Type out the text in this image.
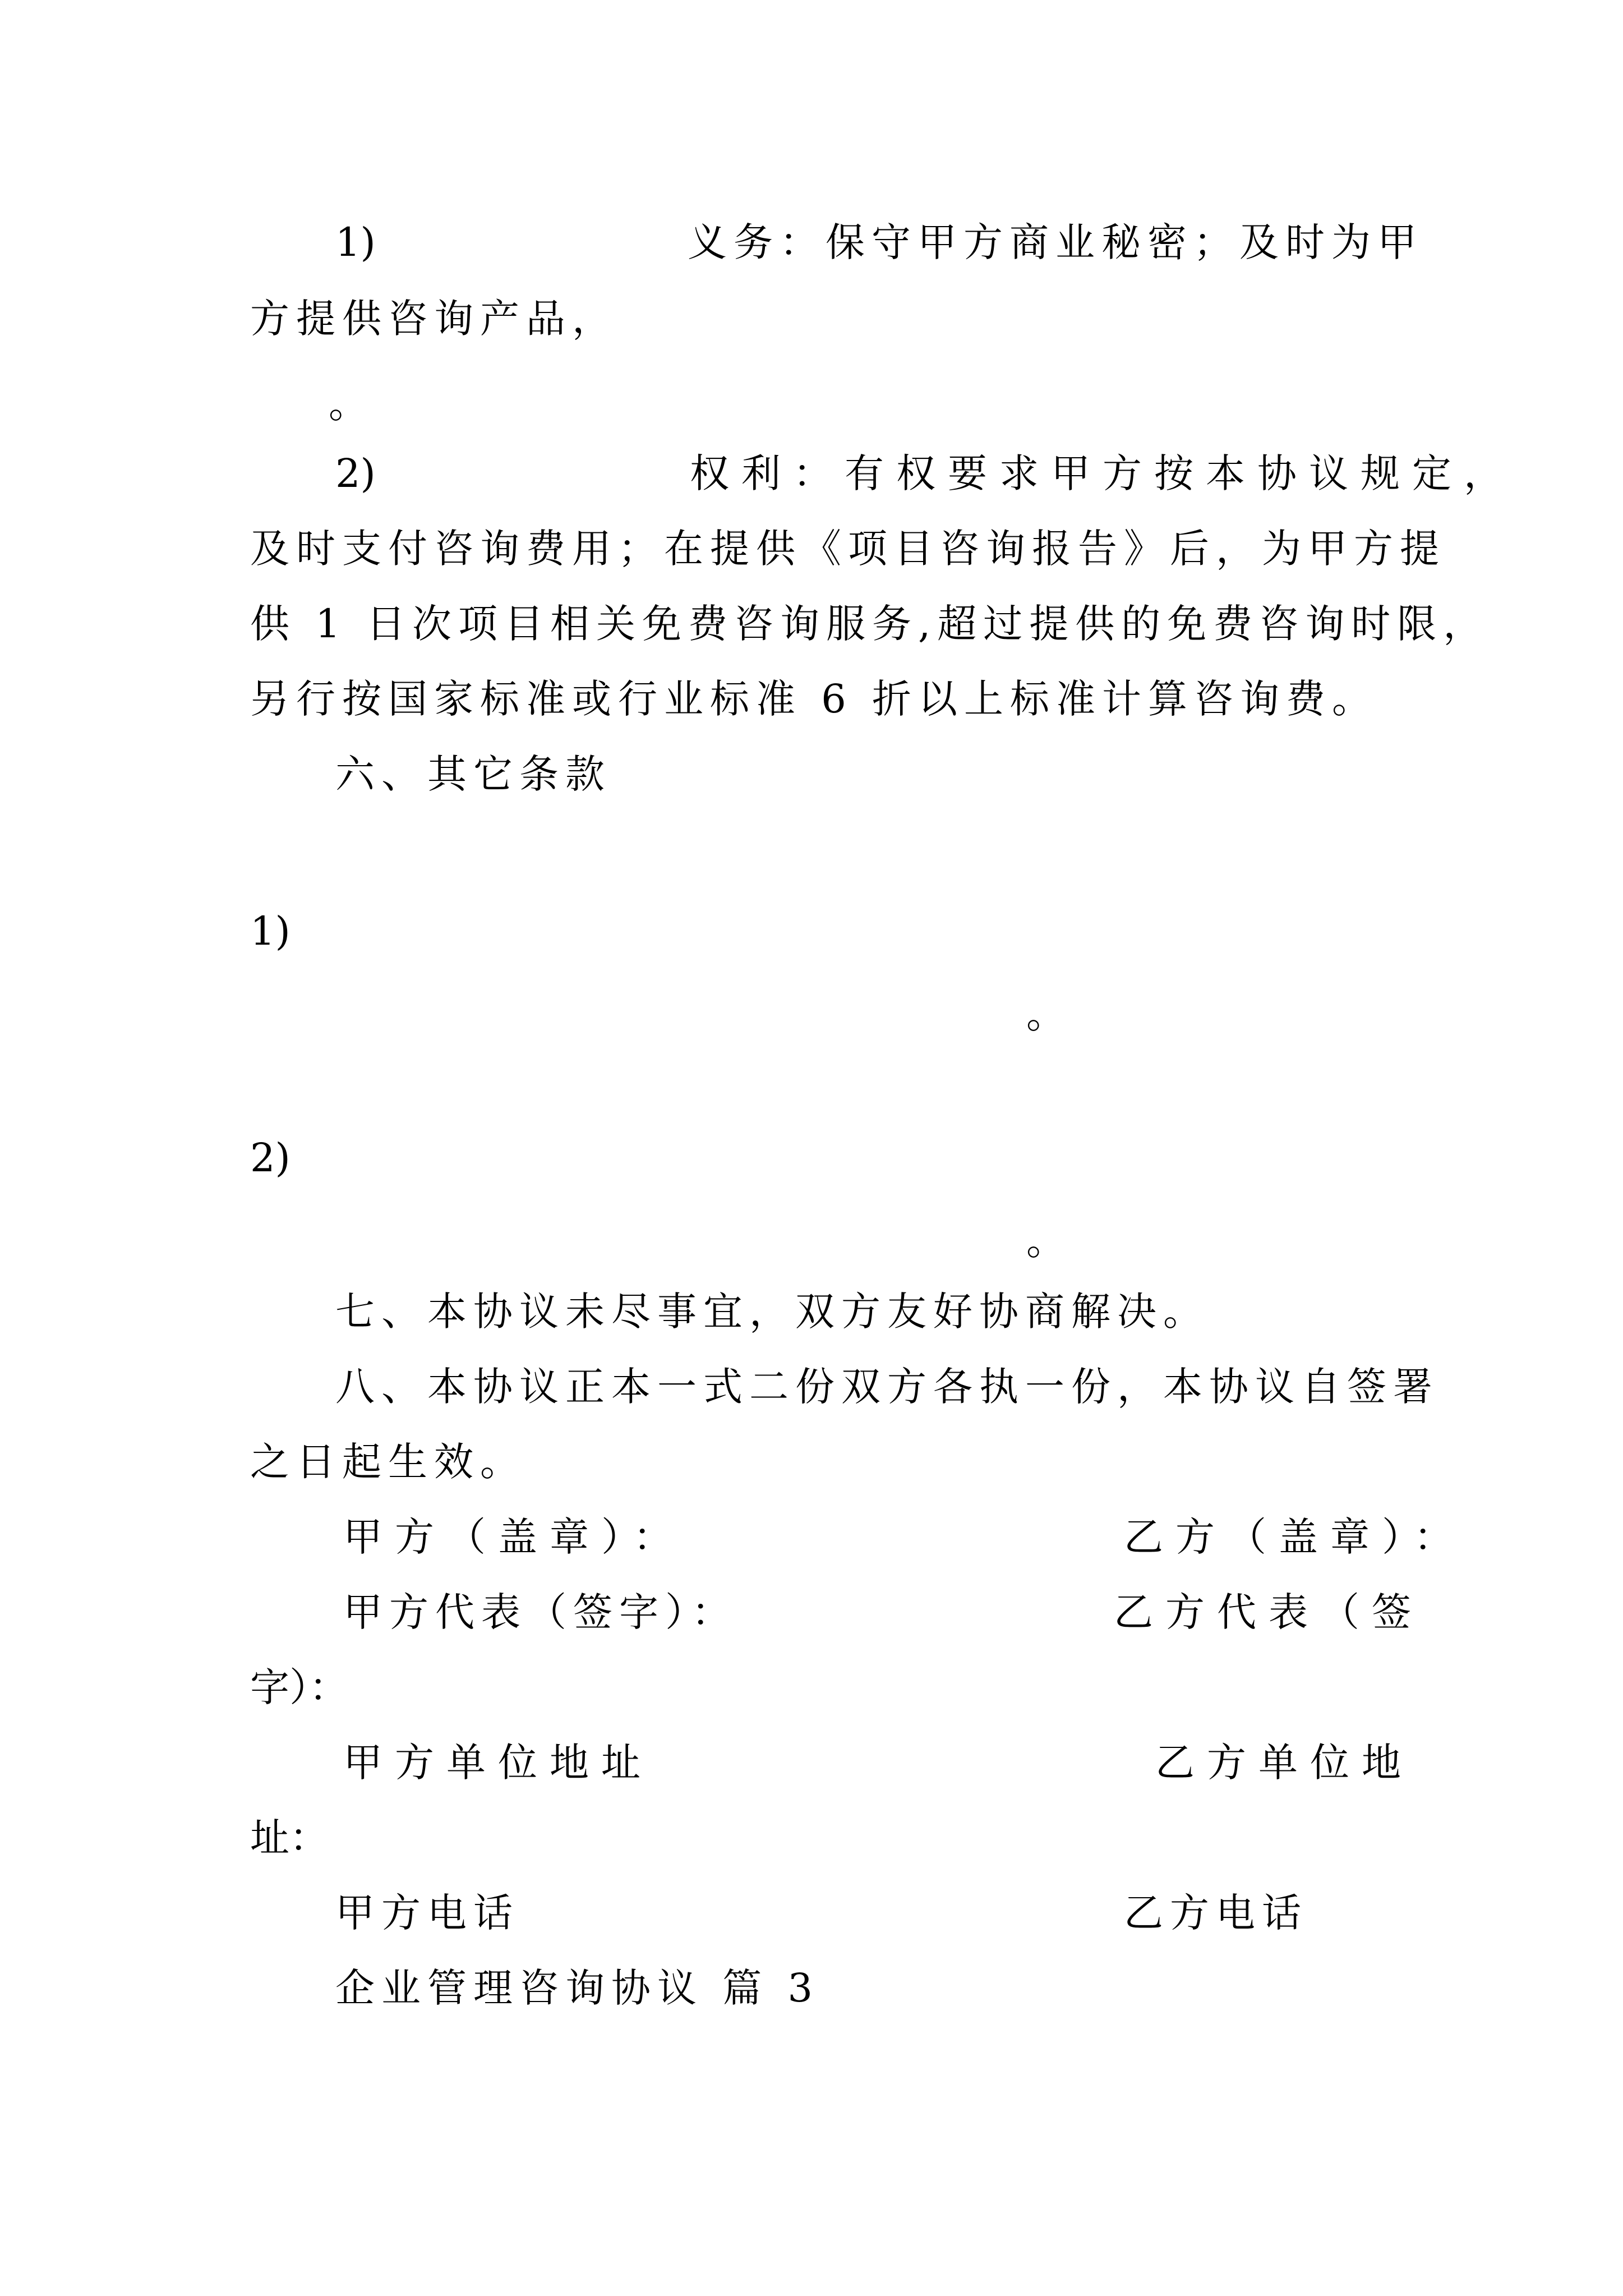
1)	义务：保守甲方商业秘密；及时为甲
方提供咨询产品，
。
2)	权利：有权要求甲方按本协议规定，
及时支付咨询费用；在提供《项目咨询报告》后，为甲方提
供 1 日次项目相关免费咨询服务,超过提供的免费咨询时限，
另行按国家标准或行业标准 6 折以上标准计算咨询费。
六、其它条款
1)
。
2)
。
七、本协议未尽事宜，双方友好协商解决。
八、本协议正本一式二份双方各执一份，本协议自签署
之日起生效。
甲方（盖章）：	乙方（盖章）：
甲方代表（签字）：	乙方代表（签
字）：
甲方单位地址	乙方单位地
址：
甲方电话	乙方电话
企业管理咨询协议 篇 3
